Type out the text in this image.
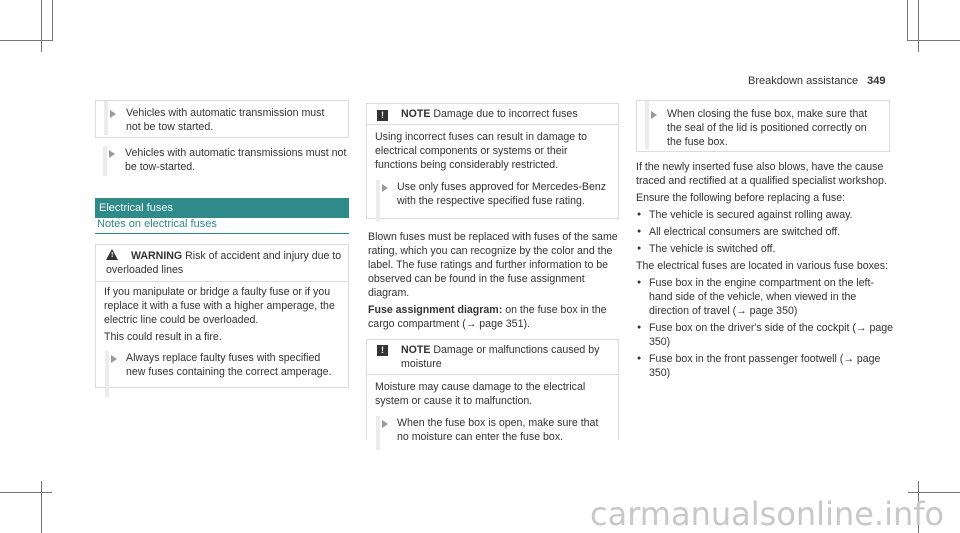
Breakdown assistance 349
Vehicles with automatic transmission must not be tow started.
Vehicles with automatic transmissions must not be tow-started.
Electrical fuses
Notes on electrical fuses
! WARNING Risk of accident and injury due to overloaded lines

If you manipulate or bridge a faulty fuse or if you replace it with a fuse with a higher amperage, the electric line could be overloaded.

This could result in a fire.

Always replace faulty fuses with specified new fuses containing the correct amperage.
! NOTE Damage due to incorrect fuses

Using incorrect fuses can result in damage to electrical components or systems or their functions being considerably restricted.

Use only fuses approved for Mercedes-Benz with the respective specified fuse rating.

Blown fuses must be replaced with fuses of the same rating, which you can recognize by the color and the label. The fuse ratings and further information to be observed can be found in the fuse assignment diagram.

Fuse assignment diagram: on the fuse box in the cargo compartment (→ page 351).

!	NOTE Damage or malfunctions caused by moisture

Moisture may cause damage to the electrical system or cause it to malfunction.

When the fuse box is open, make sure that no moisture can enter the fuse box.
When closing the fuse box, make sure that the seal of the lid is positioned correctly on the fuse box.

If the newly inserted fuse also blows, have the cause traced and rectified at a qualified specialist workshop.

Ensure the following before replacing a fuse:

● The vehicle is secured against rolling away.
● All electrical consumers are switched off.
● The vehicle is switched off.

The electrical fuses are located in various fuse boxes:

● Fuse box in the engine compartment on the left-hand side of the vehicle, when viewed in the direction of travel (→ page 350)
● Fuse box on the driver's side of the cockpit (→ page 350)
● Fuse box in the front passenger footwell (→ page 350)
carmanualsonline.info
